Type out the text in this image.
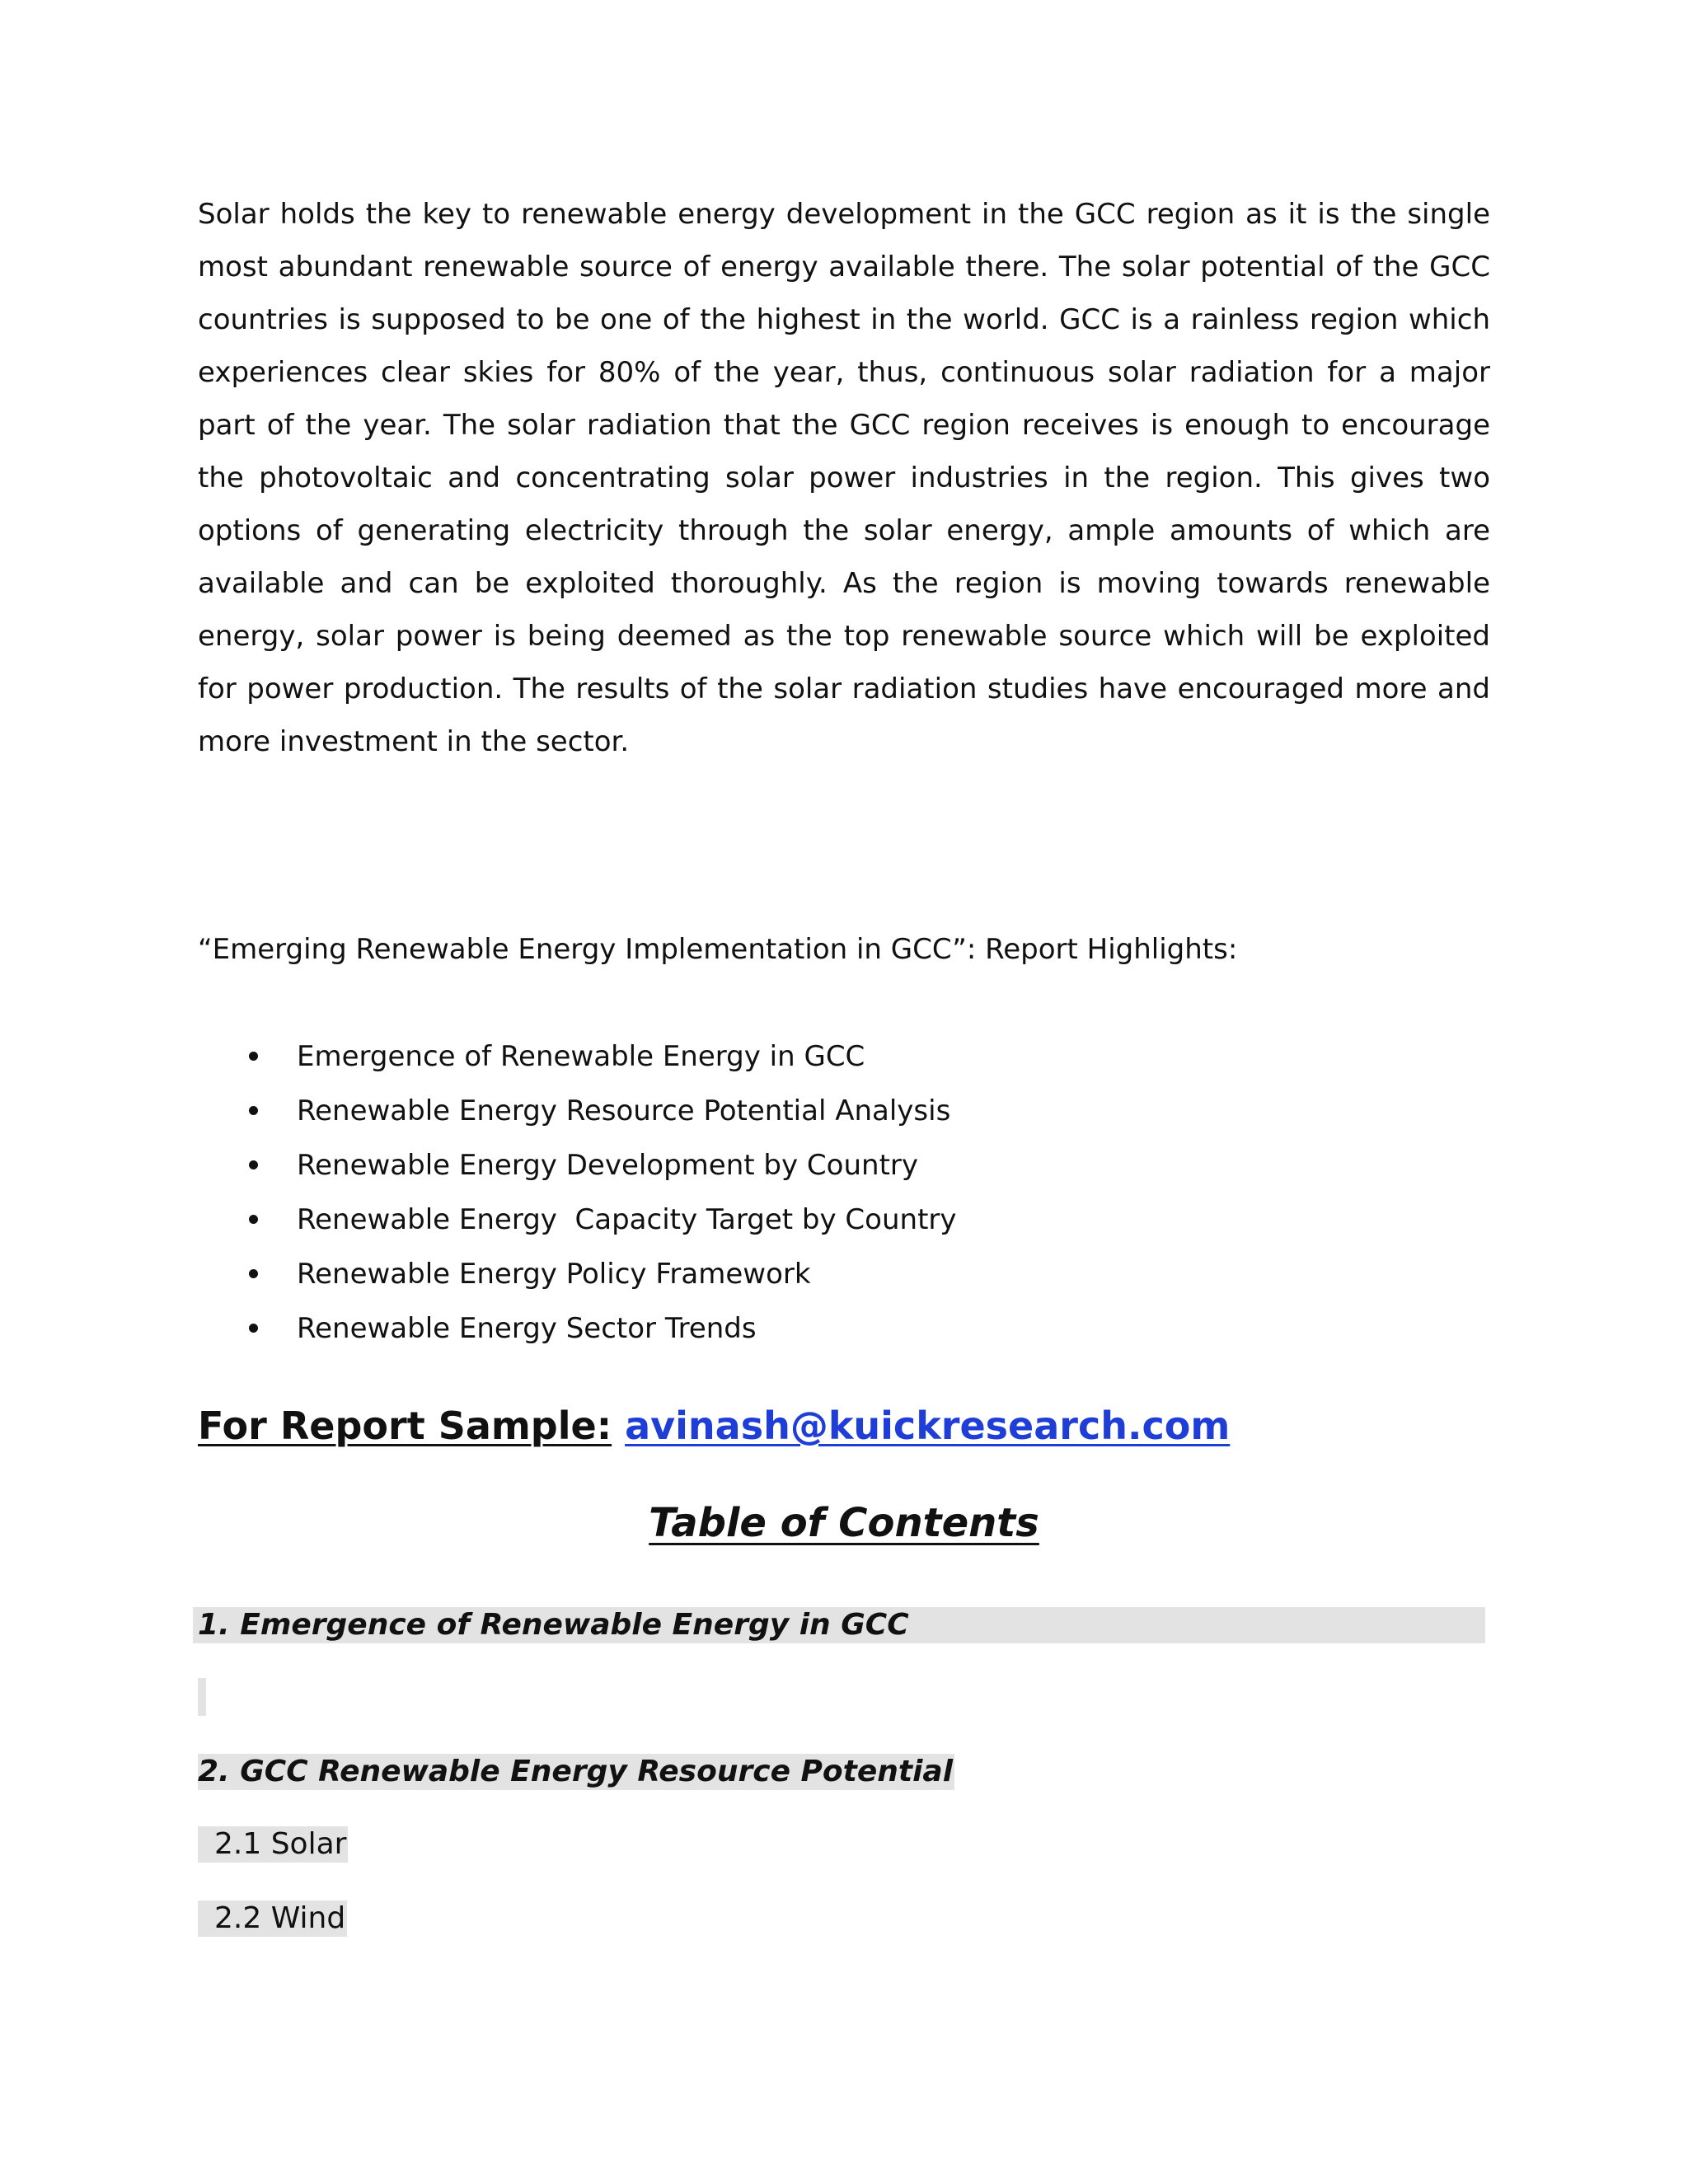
Solar holds the key to renewable energy development in the GCC region as it is the single most abundant renewable source of energy available there. The solar potential of the GCC countries is supposed to be one of the highest in the world. GCC is a rainless region which experiences clear skies for 80% of the year, thus, continuous solar radiation for a major part of the year. The solar radiation that the GCC region receives is enough to encourage the photovoltaic and concentrating solar power industries in the region. This gives two options of generating electricity through the solar energy, ample amounts of which are available and can be exploited thoroughly. As the region is moving towards renewable energy, solar power is being deemed as the top renewable source which will be exploited for power production. The results of the solar radiation studies have encouraged more and more investment in the sector.

“Emerging Renewable Energy Implementation in GCC”: Report Highlights:

Emergence of Renewable Energy in GCC
Renewable Energy Resource Potential Analysis
Renewable Energy Development by Country
Renewable Energy  Capacity Target by Country
Renewable Energy Policy Framework
Renewable Energy Sector Trends

For Report Sample: avinash@kuickresearch.com

Table of Contents
1. Emergence of Renewable Energy in GCC
2. GCC Renewable Energy Resource Potential
2.1 Solar
2.2 Wind
